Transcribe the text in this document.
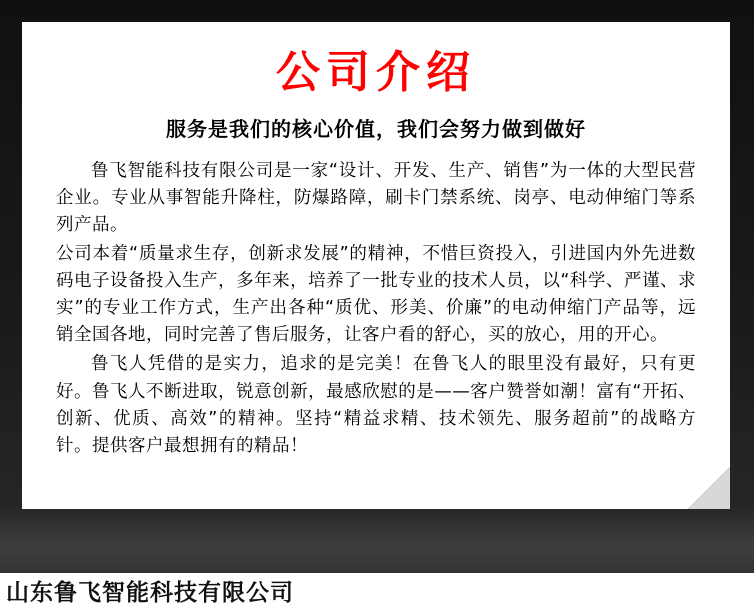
公司介绍
服务是我们的核心价值，我们会努力做到做好

鲁飞智能科技有限公司是一家“设计、开发、生产、销售”为一体的大型民营企业。专业从事智能升降柱，防爆路障，刷卡门禁系统、岗亭、电动伸缩门等系列产品。

公司本着“质量求生存，创新求发展”的精神，不惜巨资投入，引进国内外先进数码电子设备投入生产，多年来，培养了一批专业的技术人员，以“科学、严谨、求实”的专业工作方式，生产出各种“质优、形美、价廉”的电动伸缩门产品等，远销全国各地，同时完善了售后服务，让客户看的舒心，买的放心，用的开心。

鲁飞人凭借的是实力，追求的是完美！在鲁飞人的眼里没有最好，只有更好。鲁飞人不断进取，锐意创新，最感欣慰的是——客户赞誉如潮！富有“开拓、创新、优质、高效”的精神。坚持“精益求精、技术领先、服务超前”的战略方针。提供客户最想拥有的精品！

山东鲁飞智能科技有限公司
